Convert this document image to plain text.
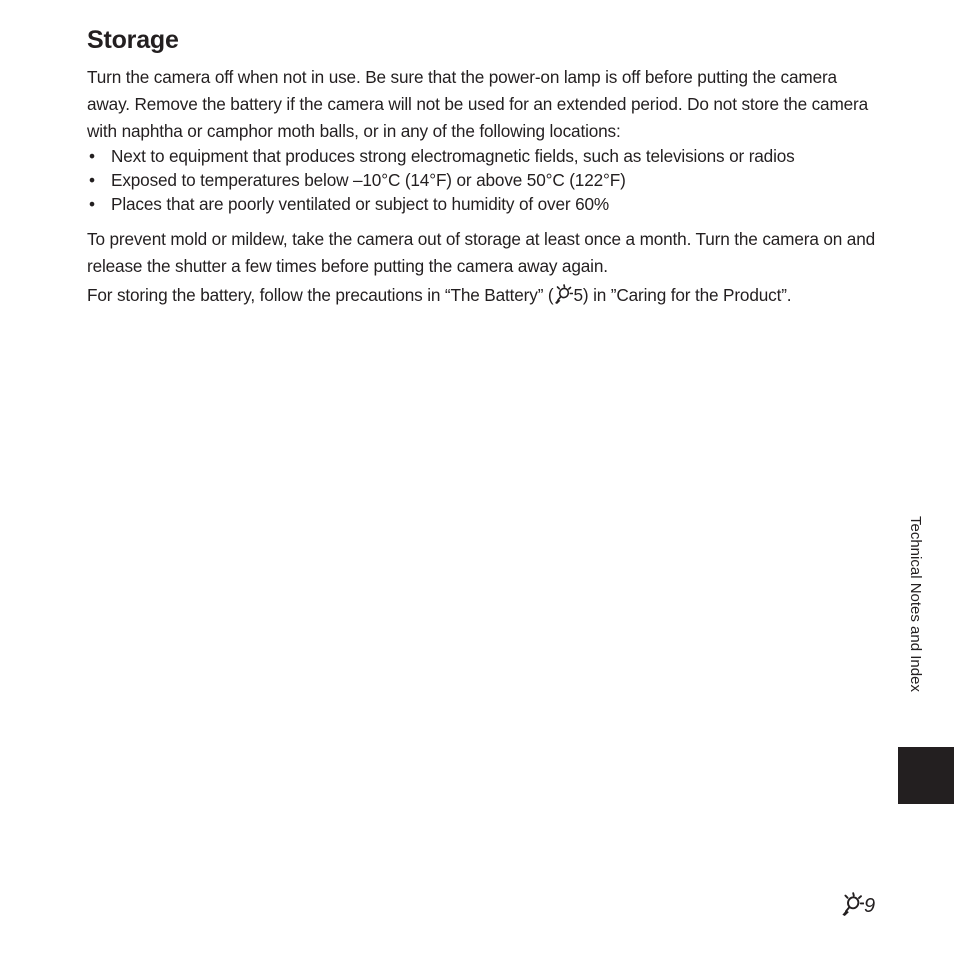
Storage

Turn the camera off when not in use. Be sure that the power-on lamp is off before putting the camera away. Remove the battery if the camera will not be used for an extended period. Do not store the camera with naphtha or camphor moth balls, or in any of the following locations:

• Next to equipment that produces strong electromagnetic fields, such as televisions or radios
• Exposed to temperatures below –10°C (14°F) or above 50°C (122°F)
• Places that are poorly ventilated or subject to humidity of over 60%

To prevent mold or mildew, take the camera out of storage at least once a month. Turn the camera on and release the shutter a few times before putting the camera away again.

For storing the battery, follow the precautions in “The Battery” ( 5) in ”Caring for the Product”.

Technical Notes and Index
9
